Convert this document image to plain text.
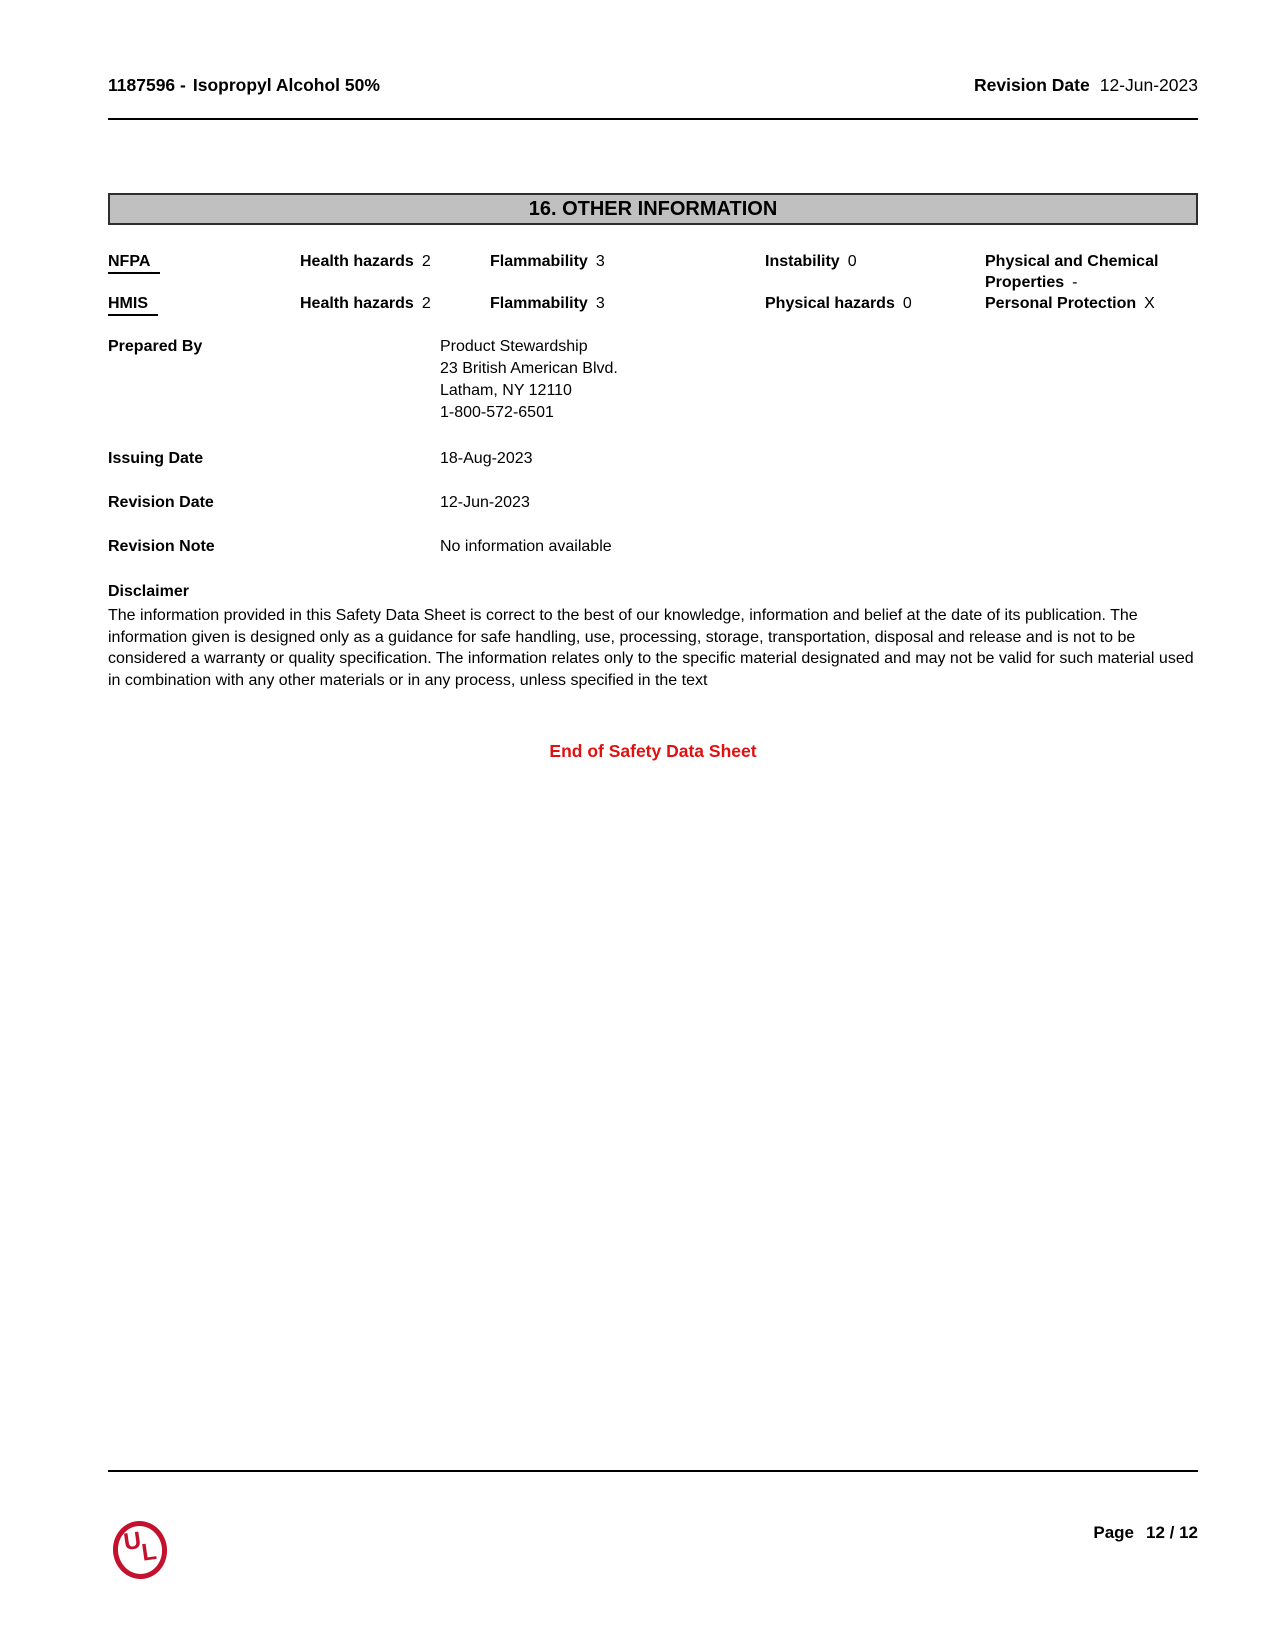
1187596 - Isopropyl Alcohol 50%	Revision Date 12-Jun-2023
16. OTHER INFORMATION
NFPA	Health hazards 2	Flammability 3	Instability 0	Physical and Chemical Properties -
HMIS	Health hazards 2	Flammability 3	Physical hazards 0	Personal Protection X
Prepared By	Product Stewardship
23 British American Blvd.
Latham, NY 12110
1-800-572-6501
Issuing Date	18-Aug-2023
Revision Date	12-Jun-2023
Revision Note	No information available
Disclaimer
The information provided in this Safety Data Sheet is correct to the best of our knowledge, information and belief at the date of its publication. The information given is designed only as a guidance for safe handling, use, processing, storage, transportation, disposal and release and is not to be considered a warranty or quality specification. The information relates only to the specific material designated and may not be valid for such material used in combination with any other materials or in any process, unless specified in the text
End of Safety Data Sheet
U
L
Page 12 / 12
